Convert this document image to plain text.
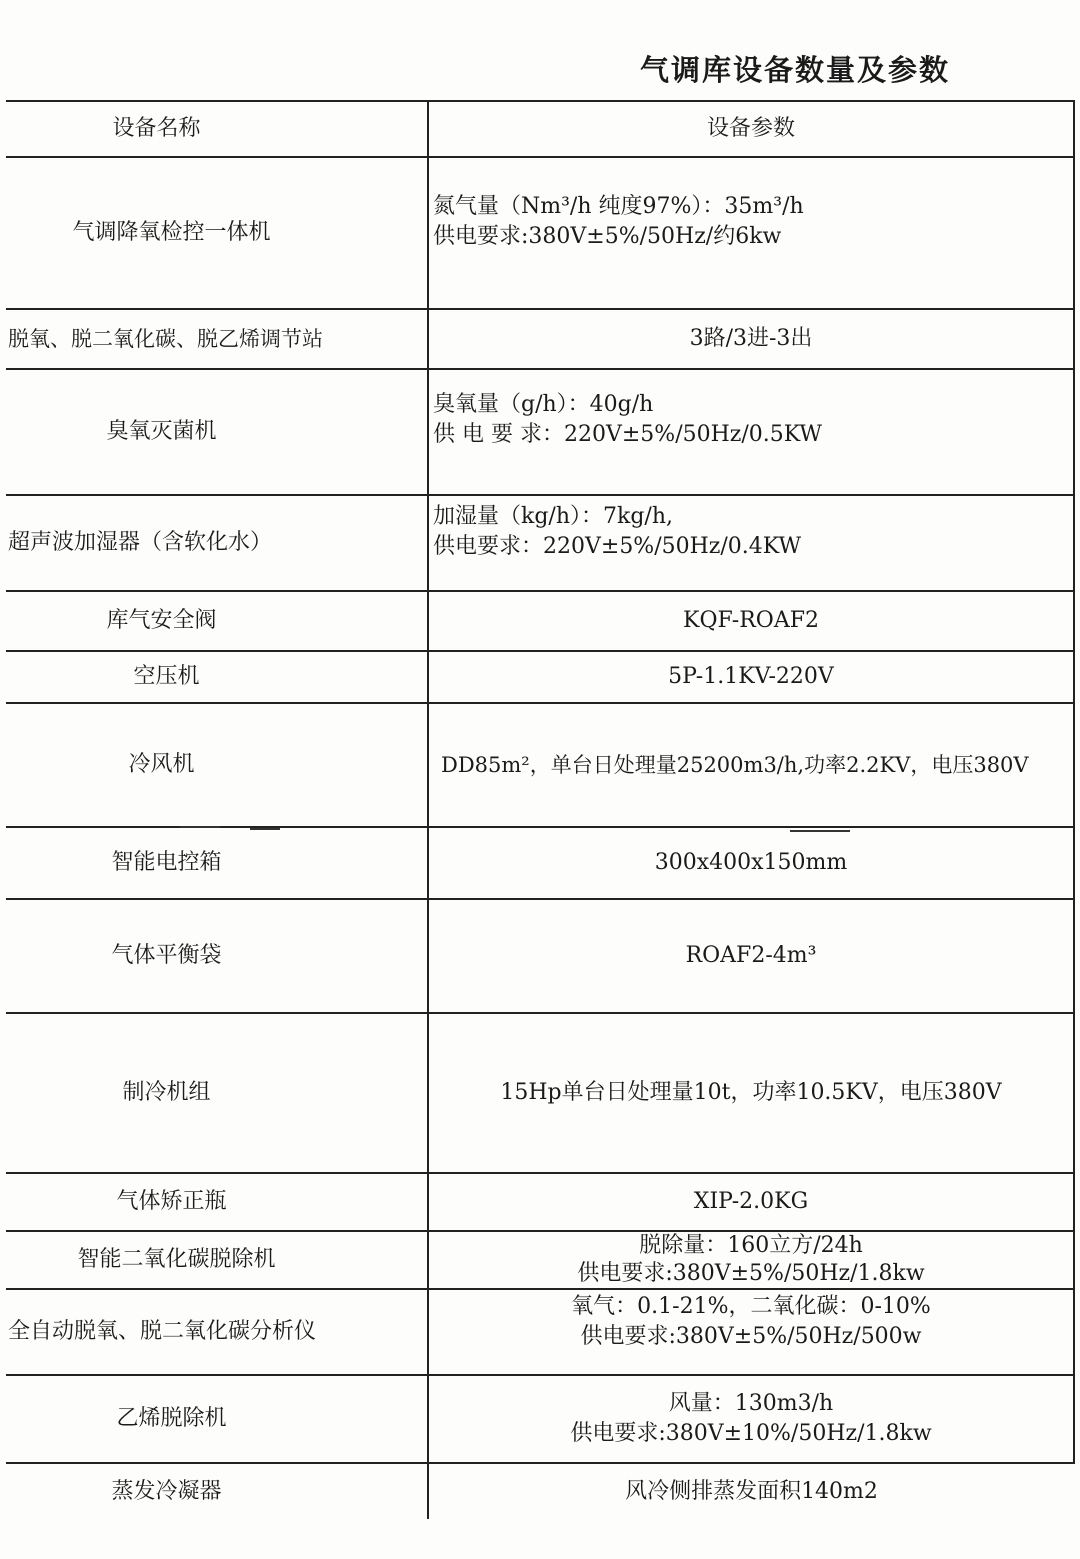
气调库设备数量及参数
设备名称	设备参数
气调降氧检控一体机	氮气量（Nm³/h 纯度97%）：35m³/h
供电要求:380V±5%/50Hz/约6kw

脱氧、脱二氧化碳、脱乙烯调节站	3路/3进-3出
臭氧灭菌机	臭氧量（g/h）：40g/h
供 电 要 求：220V±5%/50Hz/0.5KW

超声波加湿器（含软化水）	加湿量（kg/h）：7kg/h,
供电要求：220V±5%/50Hz/0.4KW

库气安全阀	KQF-ROAF2
空压机	5P-1.1KV-220V
冷风机	DD85m²，单台日处理量25200m3/h,功率2.2KV，电压380V
智能电控箱	300x400x150mm
气体平衡袋	ROAF2-4m³
制冷机组	15Hp单台日处理量10t，功率10.5KV，电压380V
气体矫正瓶	XIP-2.0KG
智能二氧化碳脱除机	脱除量：160立方/24h
供电要求:380V±5%/50Hz/1.8kw

全自动脱氧、脱二氧化碳分析仪	氧气：0.1-21%，二氧化碳：0-10%
供电要求:380V±5%/50Hz/500w

乙烯脱除机	风量：130m3/h
供电要求:380V±10%/50Hz/1.8kw

蒸发冷凝器	风冷侧排蒸发面积140m2
